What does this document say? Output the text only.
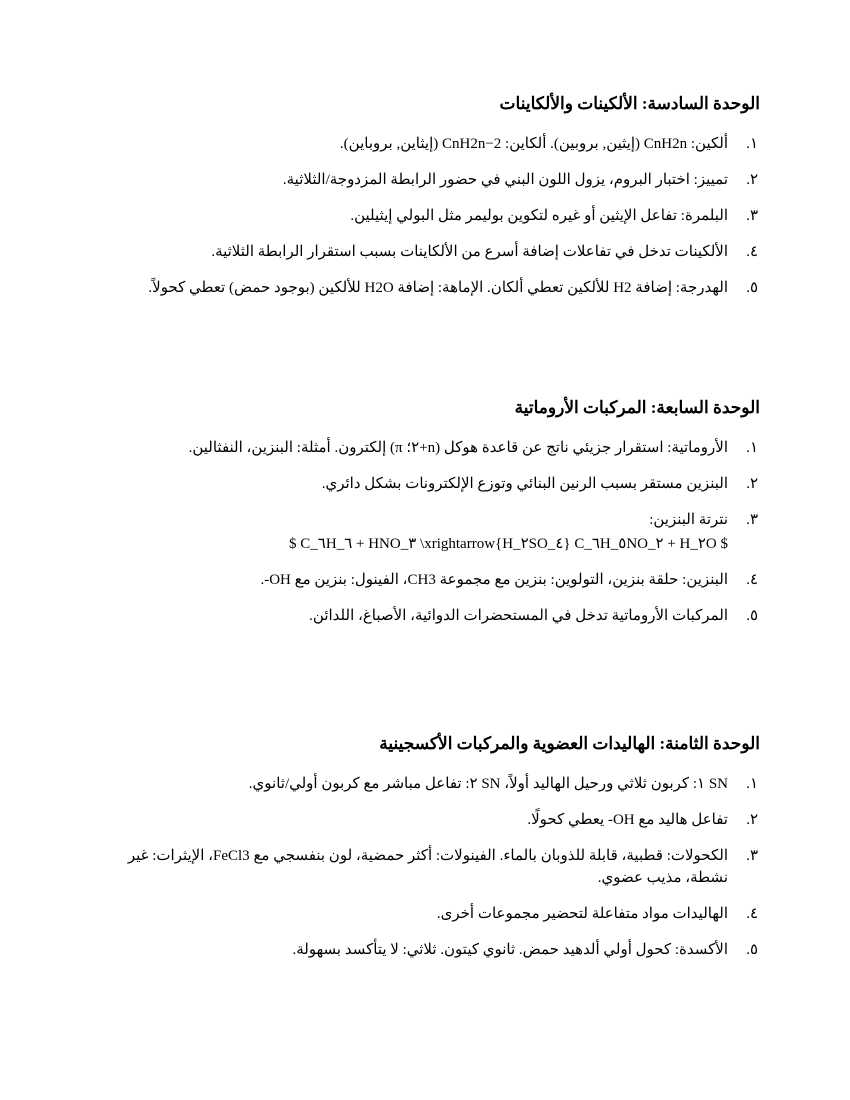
الوحدة السادسة: الألكينات والألكاينات
١.
ألكين: CnH2n (إيثين, بروبين). ألكاين: CnH2n−2 (إيثاين, بروباين).
٢.
تمييز: اختبار البروم، يزول اللون البني في حضور الرابطة المزدوجة/الثلاثية.
٣.
البلمرة: تفاعل الإيثين أو غيره لتكوين بوليمر مثل البولي إيثيلين.
٤.
الألكينات تدخل في تفاعلات إضافة أسرع من الألكاينات بسبب استقرار الرابطة الثلاثية.
٥.
الهدرجة: إضافة H2 للألكين تعطي ألكان. الإماهة: إضافة H2O للألكين (بوجود حمض) تعطي كحولاً.
الوحدة السابعة: المركبات الأروماتية
١.
الأروماتية: استقرار جزيئي ناتج عن قاعدة هوكل (n+٢؛ π) إلكترون. أمثلة: البنزين، النفثالين.
٢.
البنزين مستقر بسبب الرنين البنائي وتوزع الإلكترونات بشكل دائري.
٣.
نترتة البنزين:
$ C_٦H_٦ + HNO_٣ \xrightarrow{H_٢SO_٤} C_٦H_٥NO_٢ + H_٢O $
٤.
البنزين: حلقة بنزين، التولوين: بنزين مع مجموعة CH3، الفينول: بنزين مع OH-.
٥.
المركبات الأروماتية تدخل في المستحضرات الدوائية، الأصباغ، اللدائن.
الوحدة الثامنة: الهاليدات العضوية والمركبات الأكسجينية
١.
SN ١: كربون ثلاثي ورحيل الهاليد أولاً، SN ٢: تفاعل مباشر مع كربون أولي/ثانوي.
٢.
تفاعل هاليد مع OH- يعطي كحولًا.
٣.
الكحولات: قطبية، قابلة للذوبان بالماء. الفينولات: أكثر حمضية، لون بنفسجي مع FeCl3، الإيثرات: غير نشطة، مذيب عضوي.
٤.
الهاليدات مواد متفاعلة لتحضير مجموعات أخرى.
٥.
الأكسدة: كحول أولي ألدهيد حمض. ثانوي كيتون. ثلاثي: لا يتأكسد بسهولة.
